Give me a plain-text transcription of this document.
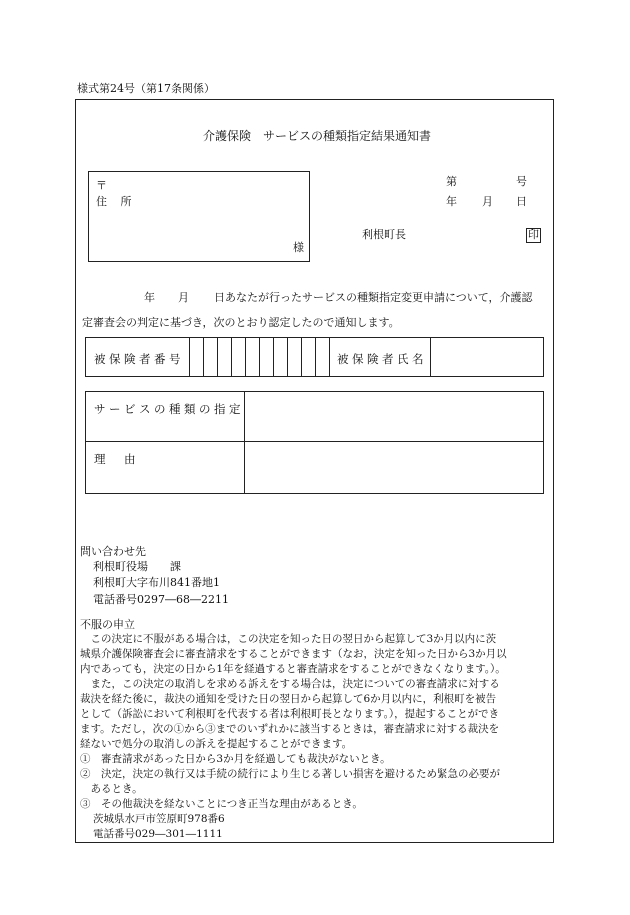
様式第24号（第17条関係）
介護保険　サービスの種類指定結果通知書
〒
住 所
様
第	号
年 月 日
利根町長	印
年 月 日あなたが行ったサービスの種類指定変更申請について，介護認
定審査会の判定に基づき，次のとおり認定したので通知します。
被保険者番号											被保険者氏名	
サービスの種類の指定	
理　由	
問い合わせ先
利根町役場　　課
利根町大字布川841番地1
電話番号0297―68―2211
不服の申立
　この決定に不服がある場合は，この決定を知った日の翌日から起算して3か月以内に茨
城県介護保険審査会に審査請求をすることができます（なお，決定を知った日から3か月以
内であっても，決定の日から1年を経過すると審査請求をすることができなくなります。）。
　また，この決定の取消しを求める訴えをする場合は，決定についての審査請求に対する
裁決を経た後に，裁決の通知を受けた日の翌日から起算して6か月以内に，利根町を被告
として（訴訟において利根町を代表する者は利根町長となります。），提起することができ
ます。ただし，次の①から③までのいずれかに該当するときは，審査請求に対する裁決を
経ないで処分の取消しの訴えを提起することができます。
①　審査請求があった日から3か月を経過しても裁決がないとき。
②　決定，決定の執行又は手続の続行により生じる著しい損害を避けるため緊急の必要が
　あるとき。
③　その他裁決を経ないことにつき正当な理由があるとき。
茨城県水戸市笠原町978番6
電話番号029―301―1111
